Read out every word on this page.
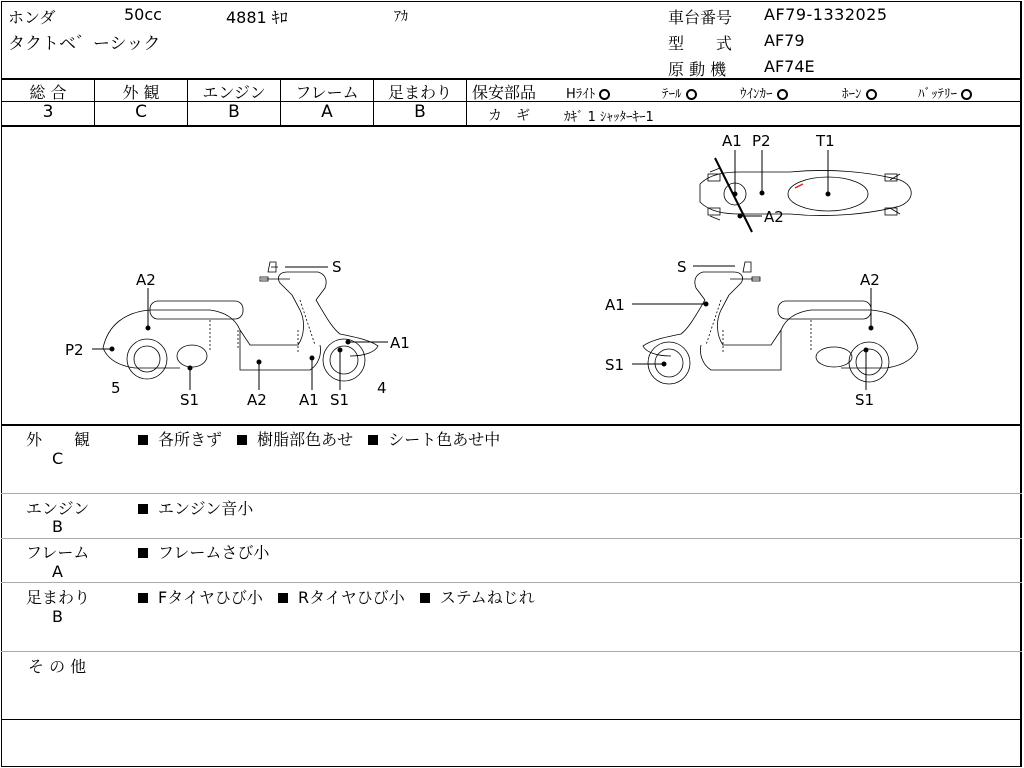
ホンダ	50cc	4881 ｷﾛ	ｱｶ
タクトベ゛ーシック
車台番号 AF79-1332025
型　　式 AF79
原 動 機 AF74E
総 合	外 観	エンジン	フレーム	足まわり
3	C	B	A	B
保安部品 Hﾗｲﾄ	ﾃｰﾙ	ｳｲﾝｶｰ	ﾎｰﾝ	ﾊﾞｯﾃﾘｰ
カ　ギ	ｶｷﾞ 1 ｼｬｯﾀｰｷｰ1
A2
P2
5
S1	A2 A1 S1
4
A1
S	S
A2
A1
S1
S1
A1 P2	T1
A2
外　　観
C
各所きず 樹脂部色あせ シート色あせ中
エンジン
B
エンジン音小
フレーム
A
フレームさび小
足まわり
B
Fタイヤひび小 Rタイヤひび小 ステムねじれ
そ の 他
